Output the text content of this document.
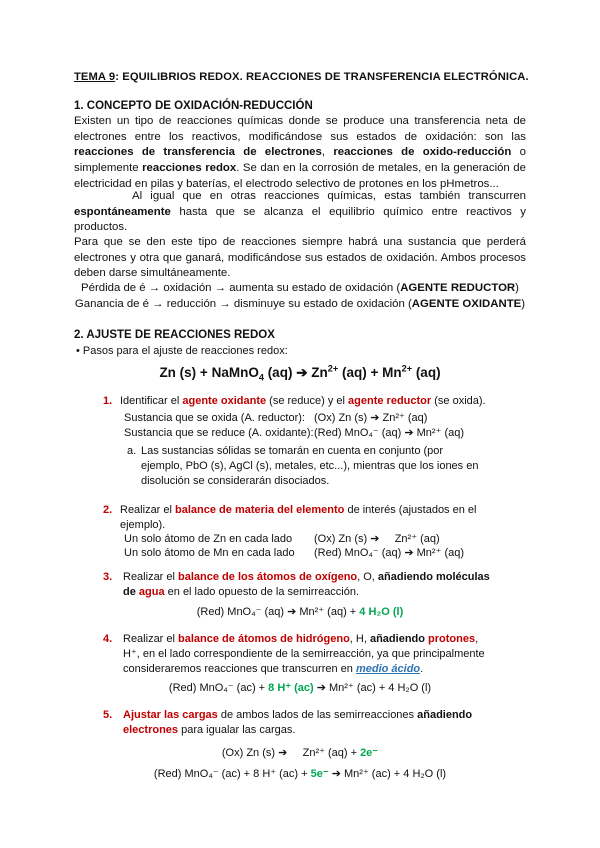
TEMA 9: EQUILIBRIOS REDOX. REACCIONES DE TRANSFERENCIA ELECTRÓNICA.
1. CONCEPTO DE OXIDACIÓN-REDUCCIÓN
Existen un tipo de reacciones químicas donde se produce una transferencia neta de electrones entre los reactivos, modificándose sus estados de oxidación: son las reacciones de transferencia de electrones, reacciones de oxido-reducción o simplemente reacciones redox. Se dan en la corrosión de metales, en la generación de electricidad en pilas y baterías, el electrodo selectivo de protones en los pHmetros...
Al igual que en otras reacciones químicas, estas también transcurren espontáneamente hasta que se alcanza el equilibrio químico entre reactivos y productos.
Para que se den este tipo de reacciones siempre habrá una sustancia que perderá electrones y otra que ganará, modificándose sus estados de oxidación. Ambos procesos deben darse simultáneamente.
Pérdida de é → oxidación → aumenta su estado de oxidación (AGENTE REDUCTOR)
Ganancia de é → reducción → disminuye su estado de oxidación (AGENTE OXIDANTE)
2. AJUSTE DE REACCIONES REDOX
• Pasos para el ajuste de reacciones redox:
Zn (s) + NaMnO$_4$ (aq) ➔ $Zn^{2+}$ $(aq) + Mn^{2+}$ (aq)
1. Identificar el agente oxidante (se reduce) y el agente reductor (se oxida).
Sustancia que se oxida (A. reductor): (Ox) Zn (s) ➔ Zn²⁺ (aq)
Sustancia que se reduce (A. oxidante): (Red) MnO₄⁻ (aq) ➔ Mn²⁺ (aq)
a. Las sustancias sólidas se tomarán en cuenta en conjunto (por ejemplo, PbO (s), AgCl (s), metales, etc...), mientras que los iones en disolución se considerarán disociados.
2. Realizar el balance de materia del elemento de interés (ajustados en el ejemplo).
Un solo átomo de Zn en cada lado (Ox) Zn (s) ➔     Zn²⁺ (aq)
Un solo átomo de Mn en cada lado (Red) MnO₄⁻ (aq) ➔ Mn²⁺ (aq)
3. Realizar el balance de los átomos de oxígeno, O, añadiendo moléculas de agua en el lado opuesto de la semirreacción.
(Red) MnO₄⁻ (aq) ➔ Mn²⁺ (aq) + 4 H₂O (l)
4. Realizar el balance de átomos de hidrógeno, H, añadiendo protones, H⁺, en el lado correspondiente de la semirreacción, ya que principalmente consideraremos reacciones que transcurren en medio ácido.
(Red) MnO₄⁻ (ac) + 8 H⁺ (ac) ➔ Mn²⁺ (ac) + 4 H₂O (l)
5. Ajustar las cargas de ambos lados de las semirreacciones añadiendo electrones para igualar las cargas.
(Ox) Zn (s) ➔     Zn²⁺ (aq) + 2e⁻
(Red) MnO₄⁻ (ac) + 8 H⁺ (ac) + 5e⁻ ➔ Mn²⁺ (ac) + 4 H₂O (l)
